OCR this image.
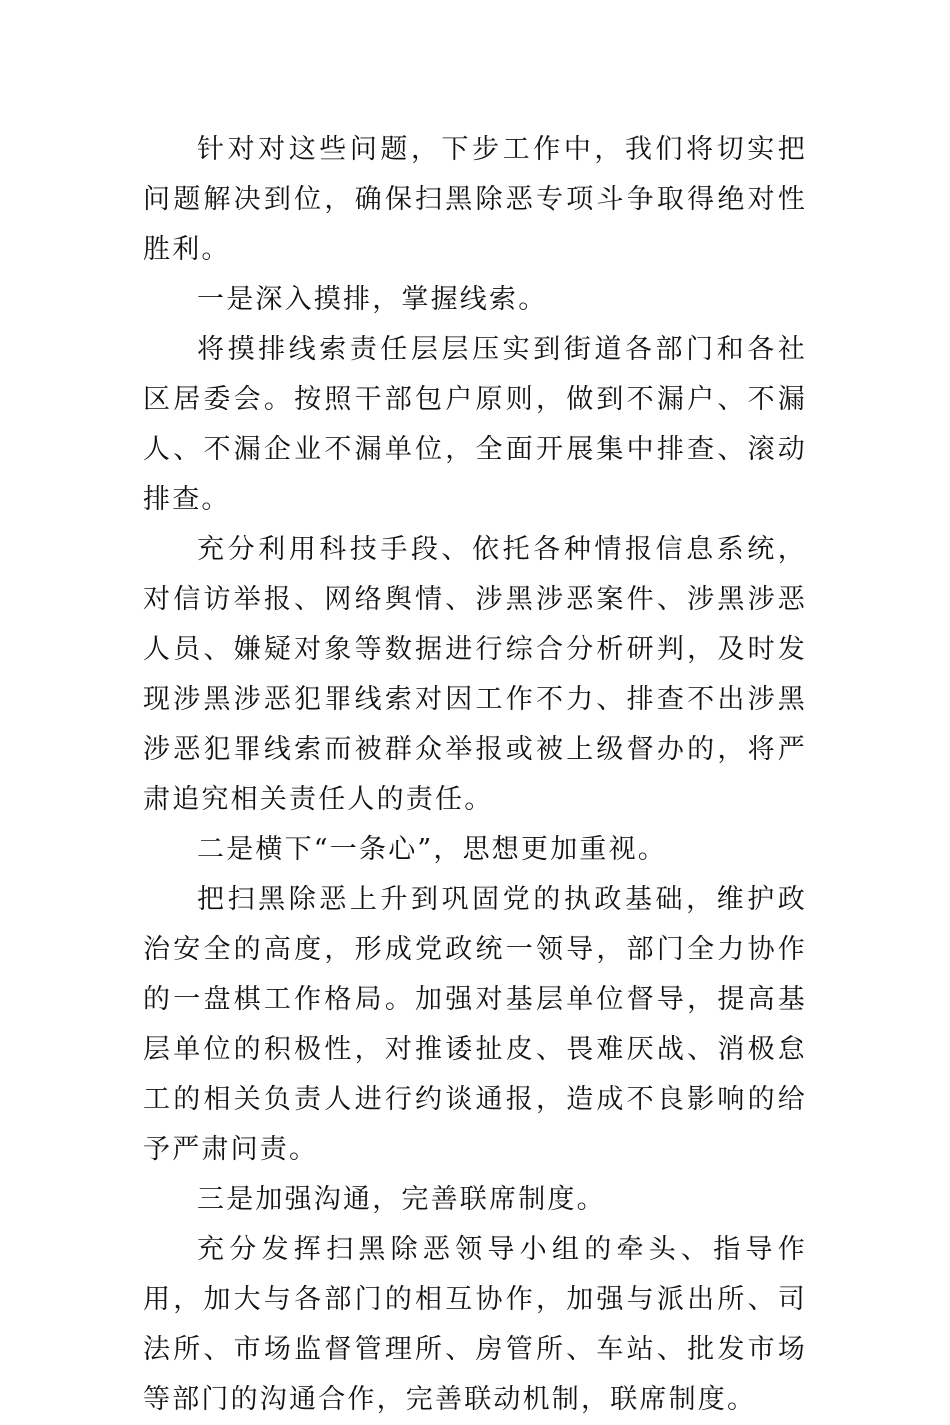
针对对这些问题，下步工作中，我们将切实把问题解决到位，确保扫黑除恶专项斗争取得绝对性胜利。

一是深入摸排，掌握线索。

将摸排线索责任层层压实到街道各部门和各社区居委会。按照干部包户原则，做到不漏户、不漏人、不漏企业不漏单位，全面开展集中排查、滚动排查。

充分利用科技手段、依托各种情报信息系统，对信访举报、网络舆情、涉黑涉恶案件、涉黑涉恶人员、嫌疑对象等数据进行综合分析研判，及时发现涉黑涉恶犯罪线索对因工作不力、排查不出涉黑涉恶犯罪线索而被群众举报或被上级督办的，将严肃追究相关责任人的责任。

二是横下“一条心”，思想更加重视。

把扫黑除恶上升到巩固党的执政基础，维护政治安全的高度，形成党政统一领导，部门全力协作的一盘棋工作格局。加强对基层单位督导，提高基层单位的积极性，对推诿扯皮、畏难厌战、消极怠工的相关负责人进行约谈通报，造成不良影响的给予严肃问责。

三是加强沟通，完善联席制度。

充分发挥扫黑除恶领导小组的牵头、指导作用，加大与各部门的相互协作，加强与派出所、司法所、市场监督管理所、房管所、车站、批发市场等部门的沟通合作，完善联动机制，联席制度。
